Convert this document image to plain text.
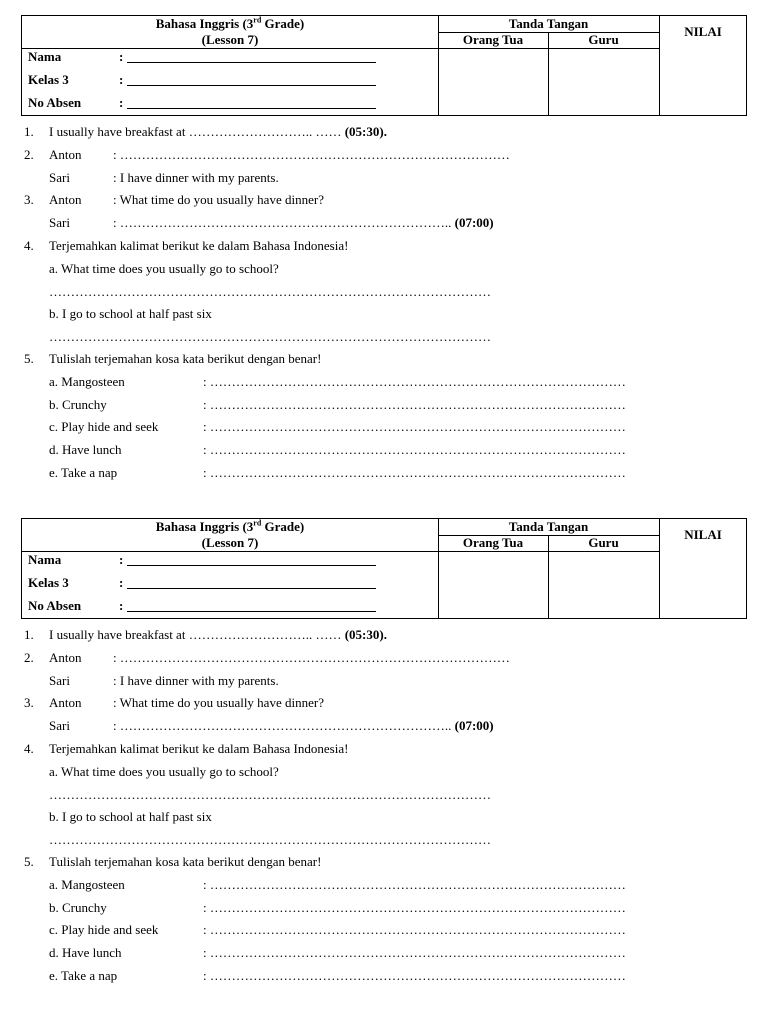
Bahasa Inggris (3rd Grade)
(Lesson 7)
Tanda Tangan
Orang Tua	Guru
NILAI
Nama	:
Kelas 3	:
No Absen	:
1. I usually have breakfast at ……………………….. …… (05:30).
2. Anton : ………………………………………………………………………………
Sari	: I have dinner with my parents.
3. Anton : What time do you usually have dinner?
Sari	: ………………………………………………………………….. (07:00)
4. Terjemahkan kalimat berikut ke dalam Bahasa Indonesia!
a. What time does you usually go to school?
…………………………………………………………………………………………
b. I go to school at half past six
…………………………………………………………………………………………
5. Tulislah terjemahan kosa kata berikut dengan benar!
a. Mangosteen	: ……………………………………………………………………………………
b. Crunchy	: ……………………………………………………………………………………
c. Play hide and seek	: ……………………………………………………………………………………
d. Have lunch	: ……………………………………………………………………………………
e. Take a nap	: ……………………………………………………………………………………
Bahasa Inggris (3rd Grade)
(Lesson 7)
Tanda Tangan
Orang Tua	Guru
NILAI
Nama	:
Kelas 3	:
No Absen	:
1. I usually have breakfast at ……………………….. …… (05:30).
2. Anton : ………………………………………………………………………………
Sari	: I have dinner with my parents.
3. Anton : What time do you usually have dinner?
Sari	: ………………………………………………………………….. (07:00)
4. Terjemahkan kalimat berikut ke dalam Bahasa Indonesia!
a. What time does you usually go to school?
…………………………………………………………………………………………
b. I go to school at half past six
…………………………………………………………………………………………
5. Tulislah terjemahan kosa kata berikut dengan benar!
a. Mangosteen	: ……………………………………………………………………………………
b. Crunchy	: ……………………………………………………………………………………
c. Play hide and seek	: ……………………………………………………………………………………
d. Have lunch	: ……………………………………………………………………………………
e. Take a nap	: ……………………………………………………………………………………
